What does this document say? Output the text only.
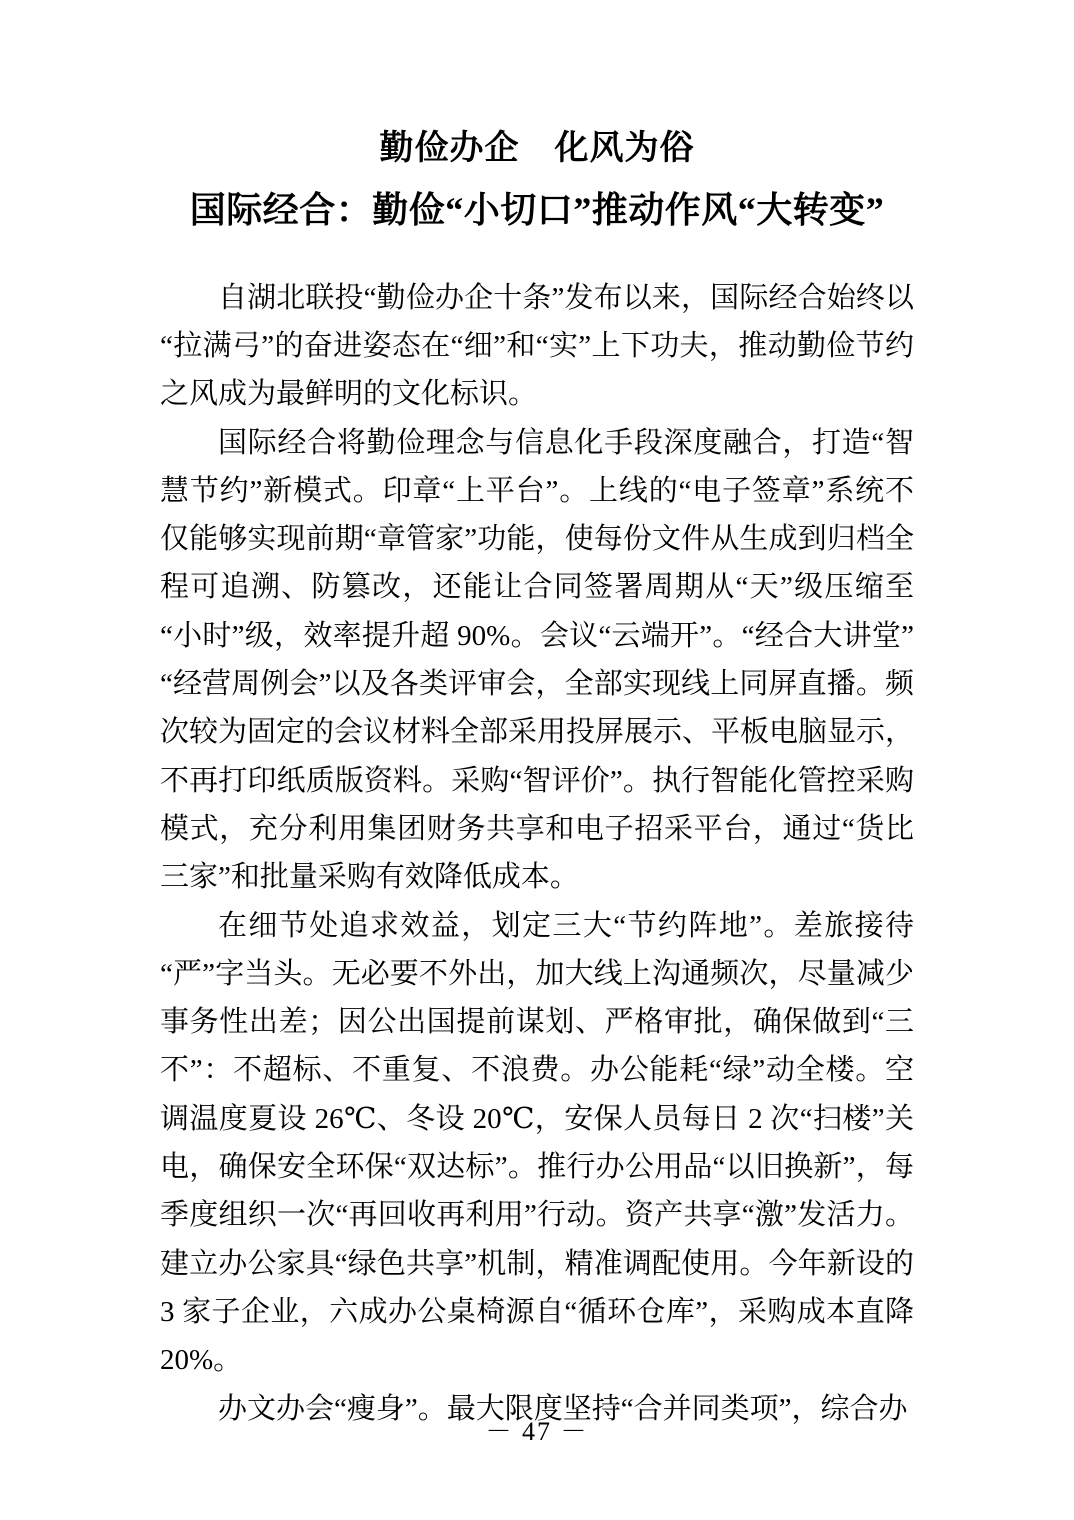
勤俭办企　化风为俗
国际经合：勤俭“小切口”推动作风“大转变”

自湖北联投“勤俭办企十条”发布以来，国际经合始终以“拉满弓”的奋进姿态在“细”和“实”上下功夫，推动勤俭节约之风成为最鲜明的文化标识。

国际经合将勤俭理念与信息化手段深度融合，打造“智慧节约”新模式。印章“上平台”。上线的“电子签章”系统不仅能够实现前期“章管家”功能，使每份文件从生成到归档全程可追溯、防篡改，还能让合同签署周期从“天”级压缩至“小时”级，效率提升超 90%。会议“云端开”。“经合大讲堂”“经营周例会”以及各类评审会，全部实现线上同屏直播。频次较为固定的会议材料全部采用投屏展示、平板电脑显示，不再打印纸质版资料。采购“智评价”。执行智能化管控采购模式，充分利用集团财务共享和电子招采平台，通过“货比三家”和批量采购有效降低成本。

在细节处追求效益，划定三大“节约阵地”。差旅接待“严”字当头。无必要不外出，加大线上沟通频次，尽量减少事务性出差；因公出国提前谋划、严格审批，确保做到“三不”：不超标、不重复、不浪费。办公能耗“绿”动全楼。空调温度夏设 26℃、冬设 20℃，安保人员每日 2 次“扫楼”关电，确保安全环保“双达标”。推行办公用品“以旧换新”，每季度组织一次“再回收再利用”行动。资产共享“激”发活力。建立办公家具“绿色共享”机制，精准调配使用。今年新设的 3 家子企业，六成办公桌椅源自“循环仓库”，采购成本直降 20%。

办文办会“瘦身”。最大限度坚持“合并同类项”，综合办

－ 47 －
